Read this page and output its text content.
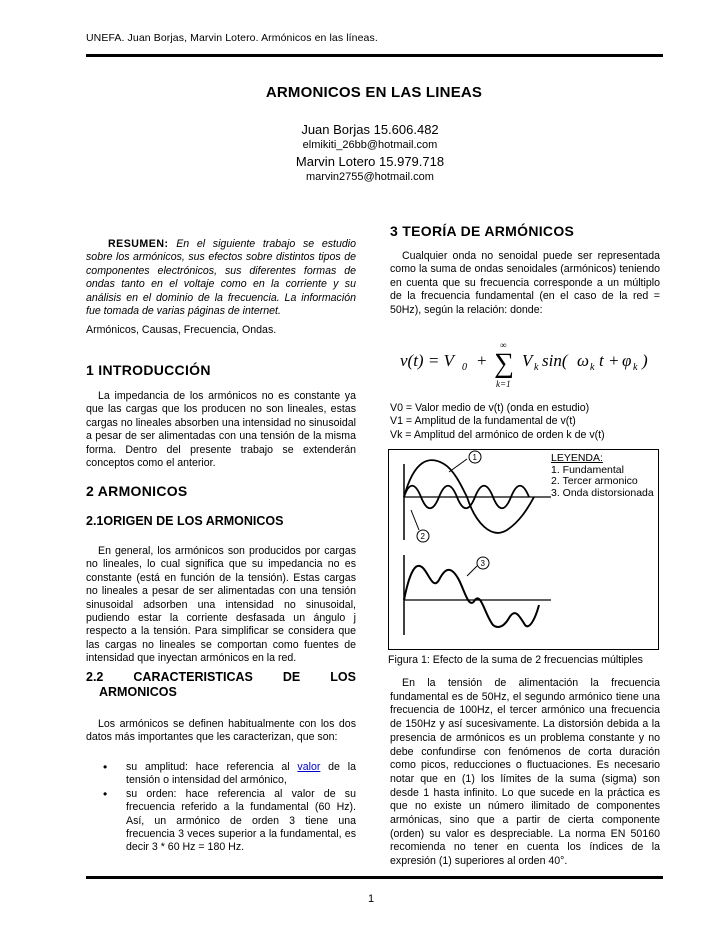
UNEFA. Juan Borjas, Marvin Lotero. Armónicos en las líneas.
ARMONICOS EN LAS LINEAS
Juan Borjas 15.606.482
elmikiti_26bb@hotmail.com
Marvin Lotero 15.979.718
marvin2755@hotmail.com

RESUMEN: En el siguiente trabajo se estudio sobre los armónicos, sus efectos sobre distintos tipos de componentes electrónicos, sus diferentes formas de ondas tanto en el voltaje como en la corriente y su análisis en el dominio de la frecuencia. La información fue tomada de varias páginas de internet.

Armónicos, Causas, Frecuencia, Ondas.
1 INTRODUCCIÓN
La impedancia de los armónicos no es constante ya que las cargas que los producen no son lineales, estas cargas no lineales absorben una intensidad no sinusoidal a pesar de ser alimentadas con una tensión de la misma forma. Dentro del presente trabajo se extenderán conceptos como el anterior.
2 ARMONICOS
2.1ORIGEN DE LOS ARMONICOS
En general, los armónicos son producidos por cargas no lineales, lo cual significa que su impedancia no es constante (está en función de la tensión). Estas cargas no lineales a pesar de ser alimentadas con una tensión sinusoidal adsorben una intensidad no sinusoidal, pudiendo estar la corriente desfasada un ángulo j respecto a la tensión. Para simplificar se considera que las cargas no lineales se comportan como fuentes de intensidad que inyectan armónicos en la red.
2.2 CARACTERISTICAS DE LOS
ARMONICOS
Los armónicos se definen habitualmente con los dos datos más importantes que les caracterizan, que son:
• su amplitud: hace referencia al valor de la tensión o intensidad del armónico,
• su orden: hace referencia al valor de su frecuencia referido a la fundamental (60 Hz). Así, un armónico de orden 3 tiene una frecuencia 3 veces superior a la fundamental, es decir 3 * 60 Hz = 180 Hz.
3 TEORÍA DE ARMÓNICOS
Cualquier onda no senoidal puede ser representada como la suma de ondas senoidales (armónicos) teniendo en cuenta que su frecuencia corresponde a un múltiplo de la frecuencia fundamental (en el caso de la red = 50Hz), según la relación: donde:
v(t) = V 0 +
∞
∑
k=1
V k sin( ω k t + φ k )
V0 = Valor medio de v(t) (onda en estudio)
V1 = Amplitud de la fundamental de v(t)
Vk = Amplitud del armónico de orden k de v(t)
1
2
3
LEYENDA:
1. Fundamental
2. Tercer armonico
3. Onda distorsionada
Figura 1: Efecto de la suma de 2 frecuencias múltiples
En la tensión de alimentación la frecuencia fundamental es de 50Hz, el segundo armónico tiene una frecuencia de 100Hz, el tercer armónico una frecuencia de 150Hz y así sucesivamente. La distorsión debida a la presencia de armónicos es un problema constante y no debe confundirse con fenómenos de corta duración como picos, reducciones o fluctuaciones. Es necesario notar que en (1) los límites de la suma (sigma) son desde 1 hasta infinito. Lo que sucede en la práctica es que no existe un número ilimitado de componentes armónicas, sino que a partir de cierta componente (orden) su valor es despreciable. La norma EN 50160 recomienda no tener en cuenta los índices de la expresión (1) superiores al orden 40°.
1
